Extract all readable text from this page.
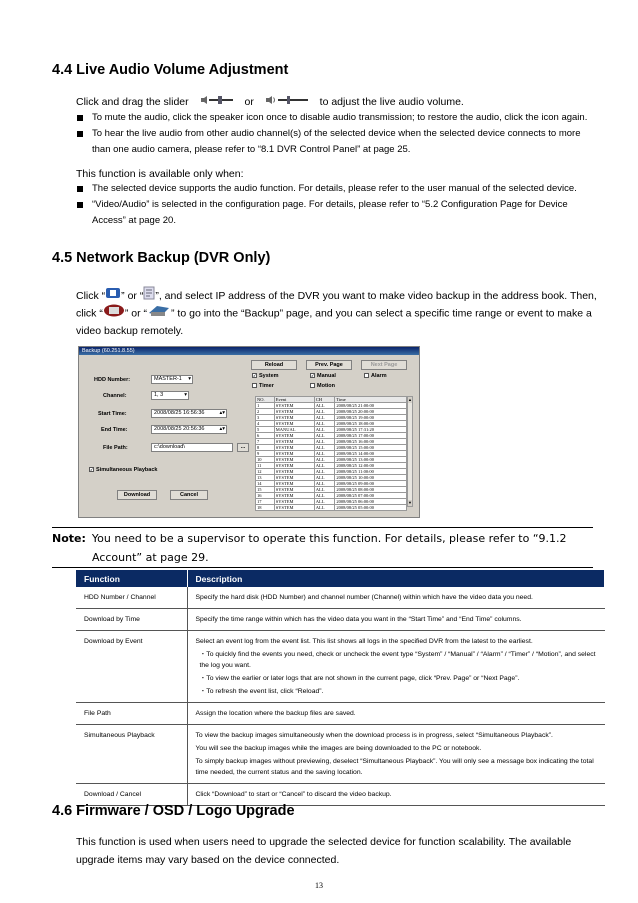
4.4 Live Audio Volume Adjustment
Click and drag the slider	or	to adjust the live audio volume.
To mute the audio, click the speaker icon once to disable audio transmission; to restore the audio, click the icon again.
To hear the live audio from other audio channel(s) of the selected device when the selected device connects to more than one audio camera, please refer to “8.1 DVR Control Panel” at page 25.
This function is available only when:
The selected device supports the audio function. For details, please refer to the user manual of the selected device.
“Video/Audio” is selected in the configuration page. For details, please refer to “5.2 Configuration Page for Device Access” at page 20.
4.5 Network Backup (DVR Only)
Click “ ” or “ ”, and select IP address of the DVR you want to make video backup in the address book. Then,
click “ ” or “ ” to go into the “Backup” page, and you can select a specific time range or event to make a
video backup remotely.
Backup (60.251.8.55)
HDD Number:	MASTER-1 ▾
Channel:	1, 3	▾
Start Time:	2008/08/25 16:56:36	▴▾
End Time:	2008/08/25 20:56:36	▴▾
File Path:	c:\download\	...
✓ Simultaneous Playback
Download	Cancel
Reload	Prev. Page	Next Page
✓ System	✓ Manual	Alarm
Timer	Motion
NO.	Event	CH	Time
1	SYSTEM	ALL	2008/08/25 21:00:00
2	SYSTEM	ALL	2008/08/25 20:00:00
3	SYSTEM	ALL	2008/08/25 19:00:00
4	SYSTEM	ALL	2008/08/25 18:00:00
5	MANUAL	ALL	2008/08/25 17:31:20
6	SYSTEM	ALL	2008/08/25 17:00:00
7	SYSTEM	ALL	2008/08/25 16:00:00
8	SYSTEM	ALL	2008/08/25 15:00:00
9	SYSTEM	ALL	2008/08/25 14:00:00
10	SYSTEM	ALL	2008/08/25 13:00:00
11	SYSTEM	ALL	2008/08/25 12:00:00
12	SYSTEM	ALL	2008/08/25 11:00:00
13	SYSTEM	ALL	2008/08/25 10:00:00
14	SYSTEM	ALL	2008/08/25 09:00:00
15	SYSTEM	ALL	2008/08/25 08:00:00
16	SYSTEM	ALL	2008/08/25 07:00:00
17	SYSTEM	ALL	2008/08/25 06:00:00
18	SYSTEM	ALL	2008/08/25 05:00:00
▲
▼
Note: You need to be a supervisor to operate this function. For details, please refer to “9.1.2
Account” at page 29.
Function	Description
HDD Number / Channel	Specify the hard disk (HDD Number) and channel number (Channel) within which have the video data you need.

Download by Time	Specify the time range within which has the video data you want in the “Start Time” and “End Time” columns.

Download by Event	Select an event log from the event list. This list shows all logs in the specified DVR from the latest to the earliest.
・To quickly find the events you need, check or uncheck the event type “System” / “Manual” / “Alarm” / “Timer” / “Motion”, and select the log you want.
・To view the earlier or later logs that are not shown in the current page, click “Prev. Page” or “Next Page”.
・To refresh the event list, click “Reload”.

File Path	Assign the location where the backup files are saved.

Simultaneous Playback	To view the backup images simultaneously when the download process is in progress, select “Simultaneous Playback”.
You will see the backup images while the images are being downloaded to the PC or notebook.
To simply backup images without previewing, deselect “Simultaneous Playback”. You will only see a message box indicating the total time needed, the current status and the saving location.

Download / Cancel	Click “Download” to start or “Cancel” to discard the video backup.
4.6 Firmware / OSD / Logo Upgrade
This function is used when users need to upgrade the selected device for function scalability. The available
upgrade items may vary based on the device connected.
13
